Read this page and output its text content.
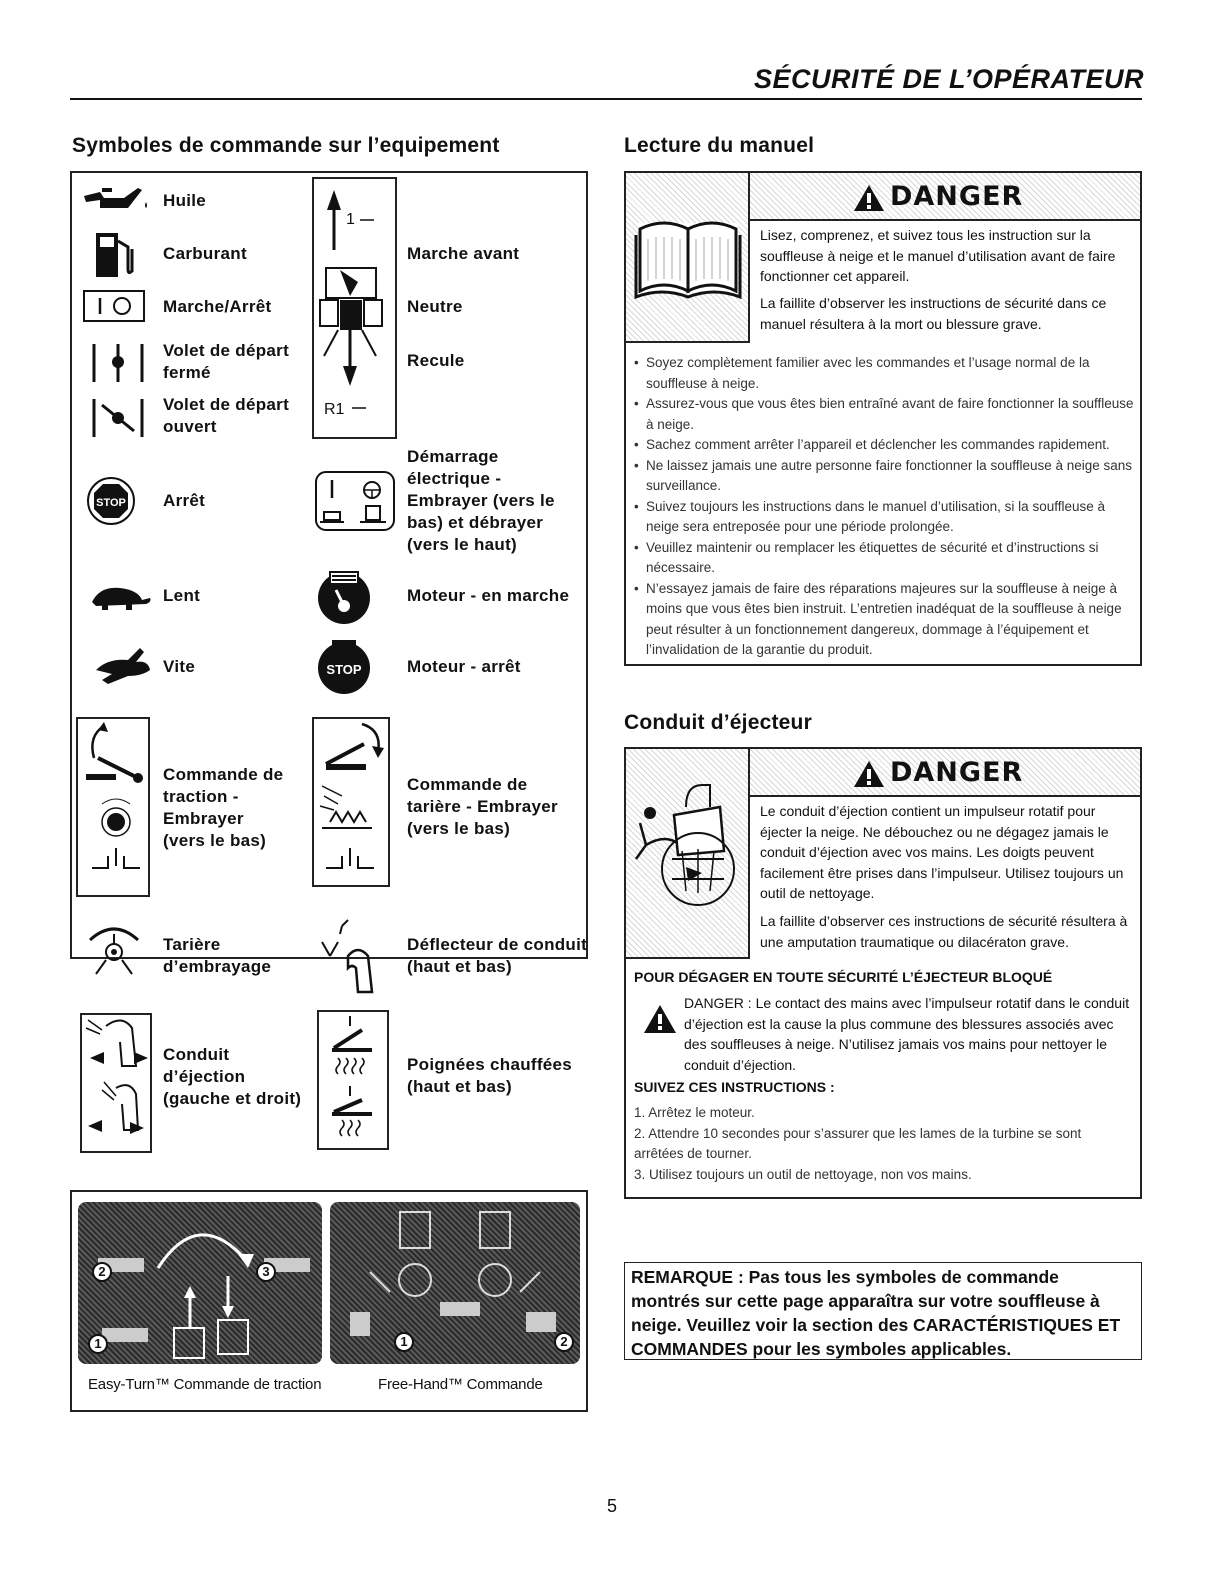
SÉCURITÉ DE L’OPÉRATEUR
Symboles de commande sur l’equipement
STOP
1
R1
STOP
Huile
Carburant
Marche/Arrêt
Volet de départ
fermé
Volet de départ
ouvert
Arrêt
Lent
Vite
Commande de
traction -
Embrayer
(vers le bas)
Tarière
d’embrayage
Conduit
d’éjection
(gauche et droit)
Marche avant
Neutre
Recule
Démarrage
électrique -
Embrayer (vers le
bas) et débrayer
(vers le haut)
Moteur - en marche
Moteur - arrêt
Commande de
tarière - Embrayer
(vers le bas)
Déflecteur de conduit
(haut et bas)
Poignées chauffées
(haut et bas)
2	3
1	1	2
Easy-Turn™ Commande de traction	Free-Hand™ Commande
Lecture du manuel
DANGER
Lisez, comprenez, et suivez tous les instruction sur la souffleuse à neige et le manuel d’utilisation avant de faire fonctionner cet appareil.
La faillite d’observer les instructions de sécurité dans ce manuel résultera à la mort ou blessure grave.
• Soyez complètement familier avec les commandes et l’usage normal de la souffleuse à neige.
• Assurez-vous que vous êtes bien entraîné avant de faire fonctionner la souffleuse à neige.
• Sachez comment arrêter l’appareil et déclencher les commandes rapidement.
• Ne laissez jamais une autre personne faire fonctionner la souffleuse à neige sans surveillance.
• Suivez toujours les instructions dans le manuel d’utilisation, si la souffleuse à neige sera entreposée pour une période prolongée.
• Veuillez maintenir ou remplacer les étiquettes de sécurité et d’instructions si nécessaire.
• N’essayez jamais de faire des réparations majeures sur la souffleuse à neige à moins que vous êtes bien instruit. L’entretien inadéquat de la souffleuse à neige peut résulter à un fonctionnement dangereux, dommage à l’équipement et l’invalidation de la garantie du produit.
Conduit d’éjecteur
DANGER
Le conduit d’éjection contient un impulseur rotatif pour éjecter la neige. Ne débouchez ou ne dégagez jamais le conduit d’éjection avec vos mains. Les doigts peuvent facilement être prises dans l’impulseur. Utilisez toujours un outil de nettoyage.
La faillite d’observer ces instructions de sécurité résultera à une amputation traumatique ou dilacératon grave.
POUR DÉGAGER EN TOUTE SÉCURITÉ L’ÉJECTEUR BLOQUÉ
DANGER : Le contact des mains avec l’impulseur rotatif dans le conduit d’éjection est la cause la plus commune des blessures associés avec des souffleuses à neige. N’utilisez jamais vos mains pour nettoyer le conduit d’éjection.
SUIVEZ CES INSTRUCTIONS :
1. Arrêtez le moteur.
2. Attendre 10 secondes pour s’assurer que les lames de la turbine se sont arrêtées de tourner.
3. Utilisez toujours un outil de nettoyage, non vos mains.
REMARQUE : Pas tous les symboles de commande montrés sur cette page apparaîtra sur votre souffleuse à neige. Veuillez voir la section des CARACTÉRISTIQUES ET COMMANDES pour les symboles applicables.
5
